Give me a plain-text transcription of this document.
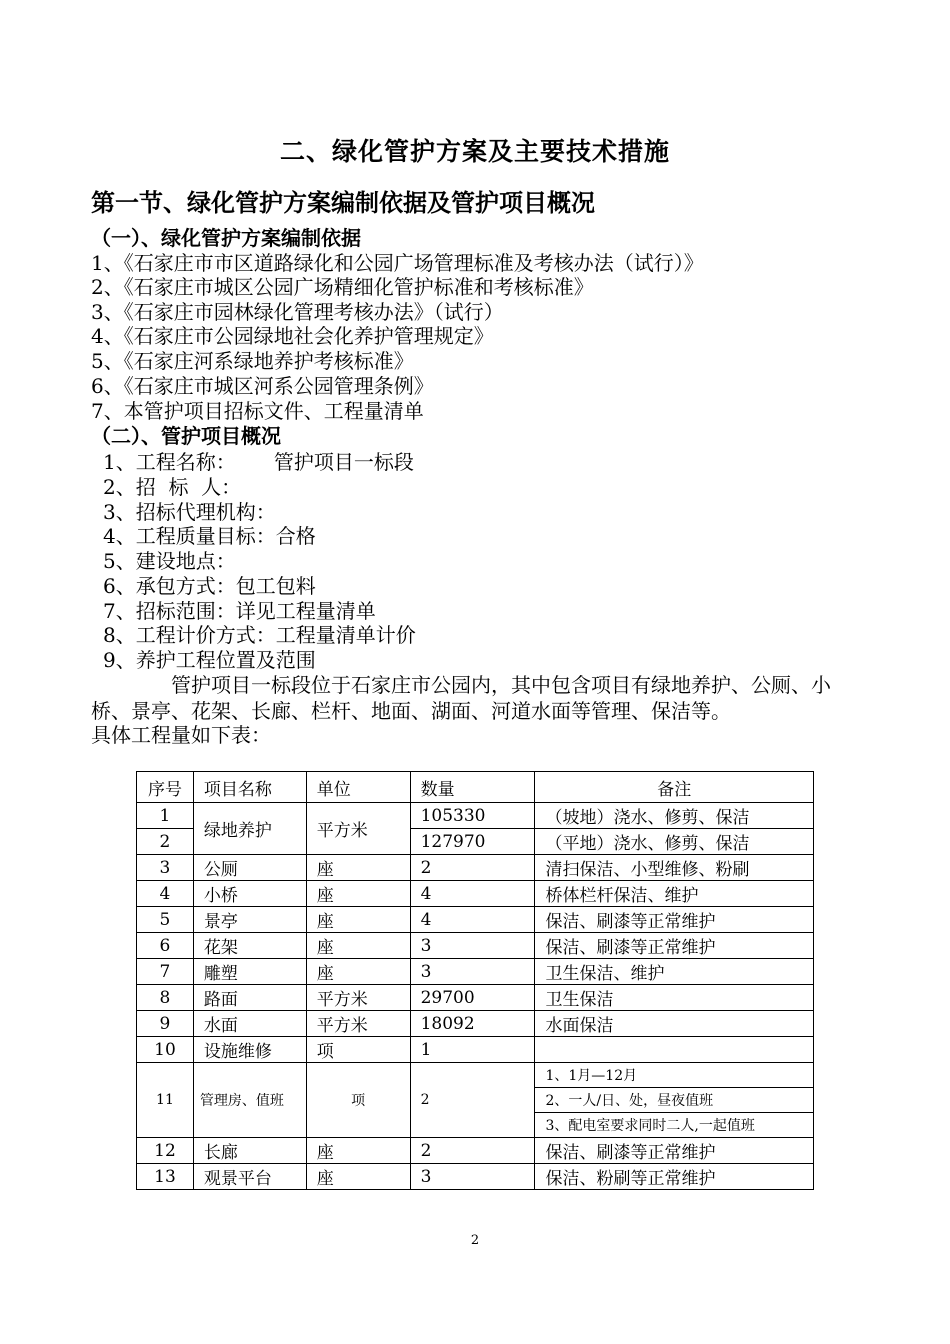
二、绿化管护方案及主要技术措施
第一节、绿化管护方案编制依据及管护项目概况
（一）、绿化管护方案编制依据
1、《石家庄市市区道路绿化和公园广场管理标准及考核办法（试行）》
2、《石家庄市城区公园广场精细化管护标准和考核标准》
3、《石家庄市园林绿化管理考核办法》（试行）
4、《石家庄市公园绿地社会化养护管理规定》
5、《石家庄河系绿地养护考核标准》
6、《石家庄市城区河系公园管理条例》
7、本管护项目招标文件、工程量清单
（二）、管护项目概况
1、工程名称：      管护项目一标段
2、招  标  人：
3、招标代理机构：
4、工程质量目标：合格
5、建设地点：
6、承包方式：包工包料
7、招标范围：详见工程量清单
8、工程计价方式：工程量清单计价
9、养护工程位置及范围
管护项目一标段位于石家庄市公园内，其中包含项目有绿地养护、公厕、小桥、景亭、花架、长廊、栏杆、地面、湖面、河道水面等管理、保洁等。
具体工程量如下表：
序号	项目名称	单位	数量	备注
1	绿地养护	平方米	105330	（坡地）浇水、修剪、保洁
2			127970	（平地）浇水、修剪、保洁
3	公厕	座	2	清扫保洁、小型维修、粉刷
4	小桥	座	4	桥体栏杆保洁、维护
5	景亭	座	4	保洁、刷漆等正常维护
6	花架	座	3	保洁、刷漆等正常维护
7	雕塑	座	3	卫生保洁、维护
8	路面	平方米	29700	卫生保洁
9	水面	平方米	18092	水面保洁
10	设施维修	项	1	
11	管理房、值班	项	2	1、1月—12月
				2、一人/日、处，昼夜值班
				3、配电室要求同时二人,一起值班
12	长廊	座	2	保洁、刷漆等正常维护
13	观景平台	座	3	保洁、粉刷等正常维护
2
